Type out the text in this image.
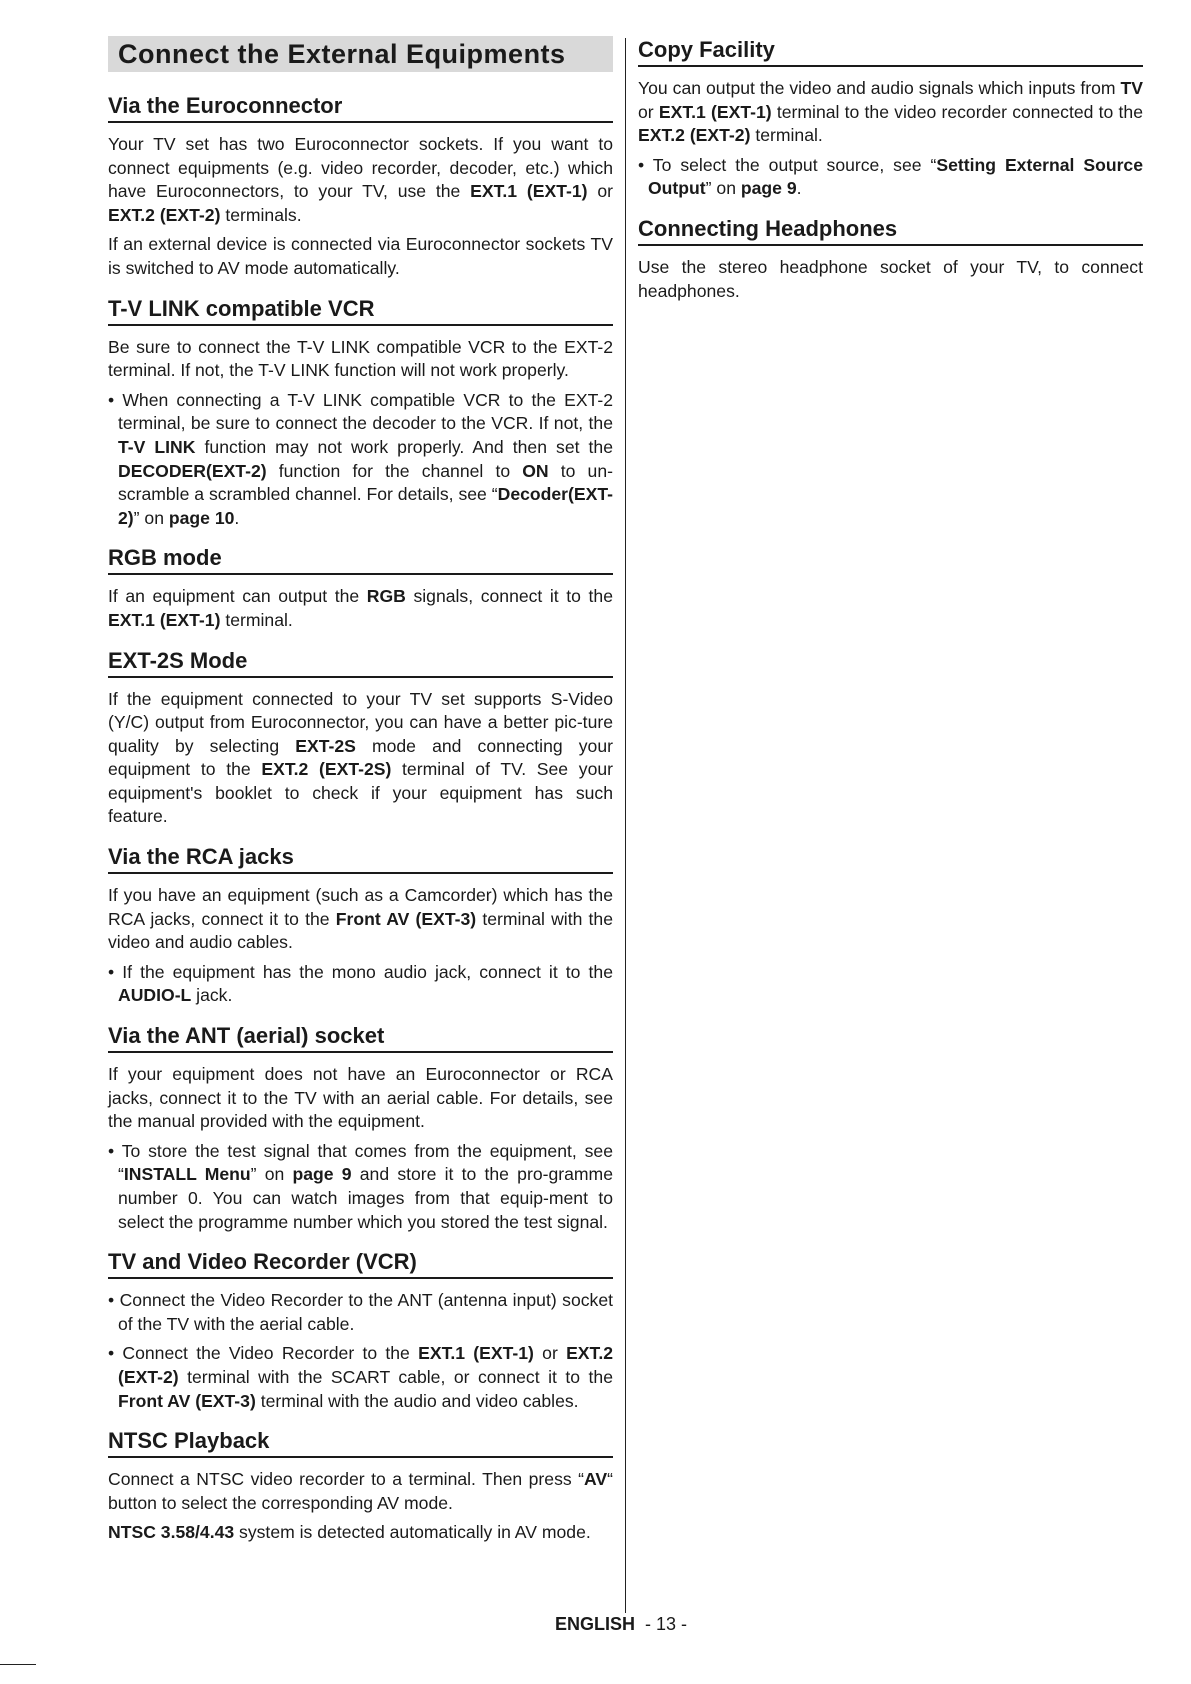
Connect the External Equipments
Via the Euroconnector

Your TV set has two Euroconnector sockets. If you want to connect equipments (e.g. video recorder, decoder, etc.) which have Euroconnectors, to your TV, use the EXT.1 (EXT-1) or EXT.2 (EXT-2) terminals.

If an external device is connected via Euroconnector sockets TV is switched to AV mode automatically.

T-V LINK compatible VCR

Be sure to connect the T-V LINK compatible VCR to the EXT-2 terminal. If not, the T-V LINK function will not work properly.

• When connecting a T-V LINK compatible VCR to the EXT-2 terminal, be sure to connect the decoder to the VCR. If not, the T-V LINK function may not work properly. And then set the DECODER(EXT-2) function for the channel to ON to un-scramble a scrambled channel. For details, see “Decoder(EXT-2)” on page 10.

RGB mode

If an equipment can output the RGB signals, connect it to the EXT.1 (EXT-1) terminal.

EXT-2S Mode

If the equipment connected to your TV set supports S-Video (Y/C) output from Euroconnector, you can have a better pic-ture quality by selecting EXT-2S mode and connecting your equipment to the EXT.2 (EXT-2S) terminal of TV. See your equipment's booklet to check if your equipment has such feature.

Via the RCA jacks

If you have an equipment (such as a Camcorder) which has the RCA jacks, connect it to the Front AV (EXT-3) terminal with the video and audio cables.

• If the equipment has the mono audio jack, connect it to the AUDIO-L jack.

Via the ANT (aerial) socket

If your equipment does not have an Euroconnector or RCA jacks, connect it to the TV with an aerial cable. For details, see the manual provided with the equipment.

• To store the test signal that comes from the equipment, see “INSTALL Menu” on page 9 and store it to the pro-gramme number 0. You can watch images from that equip-ment to select the programme number which you stored the test signal.

TV and Video Recorder (VCR)

• Connect the Video Recorder to the ANT (antenna input) socket of the TV with the aerial cable.

• Connect the Video Recorder to the EXT.1 (EXT-1) or EXT.2 (EXT-2) terminal with the SCART cable, or connect it to the Front AV (EXT-3) terminal with the audio and video cables.

NTSC Playback

Connect a NTSC video recorder to a terminal. Then press “AV“ button to select the corresponding AV mode.

NTSC 3.58/4.43 system is detected automatically in AV mode.

Copy Facility

You can output the video and audio signals which inputs from TV or EXT.1 (EXT-1) terminal to the video recorder connected to the EXT.2 (EXT-2) terminal.

• To select the output source, see “Setting External Source Output” on page 9.

Connecting Headphones

Use the stereo headphone socket of your TV, to connect headphones.

ENGLISH - 13 -
